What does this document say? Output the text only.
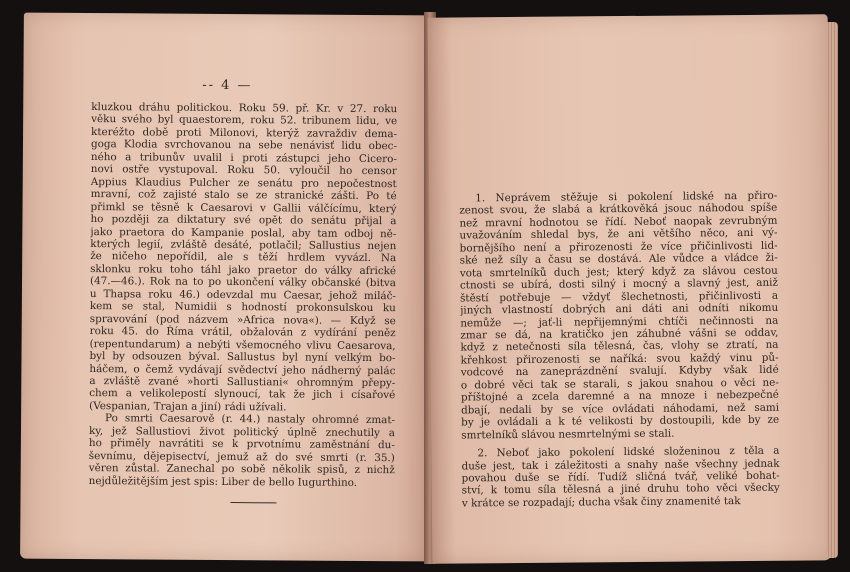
-- 4 —
kluzkou dráhu politickou. Roku 59. př. Kr. v 27. roku
věku svého byl quaestorem, roku 52. tribunem lidu, ve
kteréžto době proti Milonovi, kterýž zavraždiv dema-
goga Klodia svrchovanou na sebe nenávisť lidu obec-
ného a tribunův uvalil i proti zástupci jeho Cicero-
novi ostře vystupoval. Roku 50. vyloučil ho censor
Appius Klaudius Pulcher ze senátu pro nepočestnost
mravní, což zajisté stalo se ze stranické zášti. Po té
přimkl se těsně k Caesarovi v Gallii válčícímu, který
ho později za diktatury své opět do senátu přijal a
jako praetora do Kampanie poslal, aby tam odboj ně-
kterých legií, zvláště desáté, potlačil; Sallustius nejen
že ničeho nepořídil, ale s těží hrdlem vyvázl. Na
sklonku roku toho táhl jako praetor do války africké
(47.—46.). Rok na to po ukončení války občanské (bitva
u Thapsa roku 46.) odevzdal mu Caesar, jehož miláč-
kem se stal, Numidii s hodností prokonsulskou ku
spravování (pod názvem »Africa nova«). — Když se
roku 45. do Říma vrátil, obžalován z vydírání peněz
(repentundarum) a nebýti všemocného vlivu Caesarova,
byl by odsouzen býval. Sallustus byl nyní velkým bo-
háčem, o čemž vydávají svědectví jeho nádherný palác
a zvláště zvané »horti Sallustiani« ohromným přepy-
chem a velikolepostí slynoucí, tak že jich i císařové
(Vespanian, Trajan a jiní) rádi užívali.
Po smrti Caesarově (r. 44.) nastaly ohromné zmat-
ky, jež Sallustiovi život politický úplně znechutily a
ho přiměly navrátiti se k prvotnímu zaměstnání du-
ševnímu, dějepisectví, jemuž až do své smrti (r. 35.)
věren zůstal. Zanechal po sobě několik spisů, z nichž
nejdůležitějším jest spis: Liber de bello Iugurthino.
1. Neprávem stěžuje si pokolení lidské na přiro-
zenost svou, že slabá a krátkověká jsouc náhodou spíše
než mravní hodnotou se řídí. Neboť naopak zevrubným
uvažováním shledal bys, že ani většího něco, ani vý-
bornějšího není a přirozenosti že více přičinlivosti lid-
ské než síly a času se dostává. Ale vůdce a vládce ži-
vota smrtelníků duch jest; který když za slávou cestou
ctnosti se ubírá, dosti silný i mocný a slavný jest, aniž
štěstí potřebuje — vždyť šlechetnosti, přičinlivosti a
jiných vlastností dobrých ani dáti ani odníti nikomu
nemůže —; jať-li nepřijemnými chtíči nečinnosti na
zmar se dá, na kratičko jen záhubné vášni se oddav,
když z netečnosti síla tělesná, čas, vlohy se ztratí, na
křehkost přirozenosti se naříká: svou každý vinu pů-
vodcové na zaneprázdnění svalují. Kdyby však lidé
o dobré věci tak se starali, s jakou snahou o věci ne-
příštojné a zcela daremné a na mnoze i nebezpečné
dbají, nedali by se více ovládati náhodami, než sami
by je ovládali a k té velikosti by dostoupili, kde by ze
smrtelníků slávou nesmrtelnými se stali.
2. Neboť jako pokolení lidské složeninou z těla a
duše jest, tak i záležitosti a snahy naše všechny jednak
povahou duše se řídí. Tudíž sličná tvář, veliké bohat-
ství, k tomu síla tělesná a jiné druhu toho věci všecky
v krátce se rozpadají; ducha však činy znamenité tak
